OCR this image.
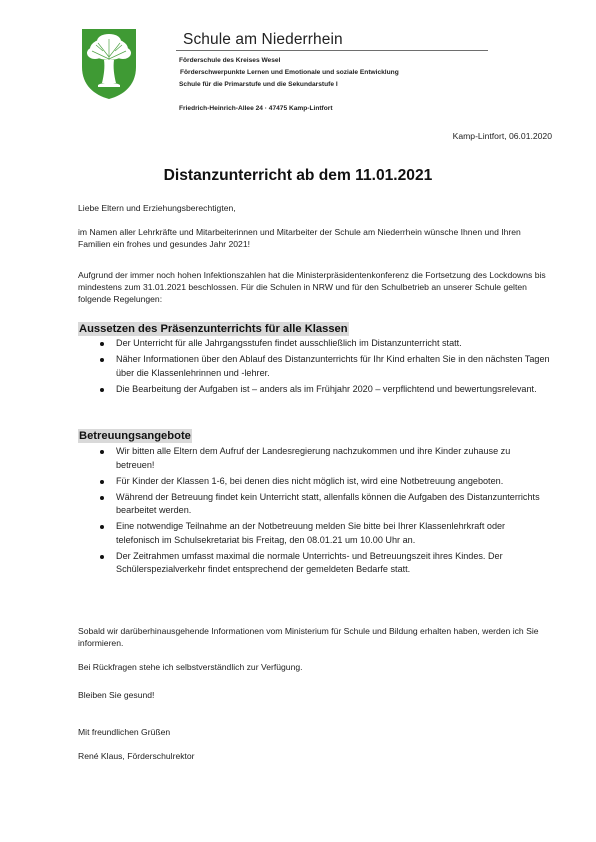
Schule am Niederrhein
Förderschule des Kreises Wesel
Förderschwerpunkte Lernen und Emotionale und soziale Entwicklung
Schule für die Primarstufe und die Sekundarstufe I
Friedrich-Heinrich-Allee 24 · 47475 Kamp-Lintfort
Kamp-Lintfort, 06.01.2020
Distanzunterricht ab dem 11.01.2021

Liebe Eltern und Erziehungsberechtigten,

im Namen aller Lehrkräfte und Mitarbeiterinnen und Mitarbeiter der Schule am Niederrhein wünsche Ihnen und Ihren Familien ein frohes und gesundes Jahr 2021!

Aufgrund der immer noch hohen Infektionszahlen hat die Ministerpräsidentenkonferenz die Fortsetzung des Lockdowns bis mindestens zum 31.01.2021 beschlossen. Für die Schulen in NRW und für den Schulbetrieb an unserer Schule gelten folgende Regelungen:

Aussetzen des Präsenzunterrichts für alle Klassen
Der Unterricht für alle Jahrgangsstufen findet ausschließlich im Distanzunterricht statt.
Näher Informationen über den Ablauf des Distanzunterrichts für Ihr Kind erhalten Sie in den nächsten Tagen über die Klassenlehrinnen und -lehrer.
Die Bearbeitung der Aufgaben ist – anders als im Frühjahr 2020 – verpflichtend und bewertungsrelevant.
Betreuungsangebote
Wir bitten alle Eltern dem Aufruf der Landesregierung nachzukommen und ihre Kinder zuhause zu betreuen!
Für Kinder der Klassen 1-6, bei denen dies nicht möglich ist, wird eine Notbetreuung angeboten.
Während der Betreuung findet kein Unterricht statt, allenfalls können die Aufgaben des Distanzunterrichts bearbeitet werden.
Eine notwendige Teilnahme an der Notbetreuung melden Sie bitte bei Ihrer Klassenlehrkraft oder telefonisch im Schulsekretariat bis Freitag, den 08.01.21 um 10.00 Uhr an.
Der Zeitrahmen umfasst maximal die normale Unterrichts- und Betreuungszeit ihres Kindes. Der Schülerspezialverkehr findet entsprechend der gemeldeten Bedarfe statt.

Sobald wir darüberhinausgehende Informationen vom Ministerium für Schule und Bildung erhalten haben, werden ich Sie informieren.

Bei Rückfragen stehe ich selbstverständlich zur Verfügung.

Bleiben Sie gesund!

Mit freundlichen Grüßen

René Klaus, Förderschulrektor
